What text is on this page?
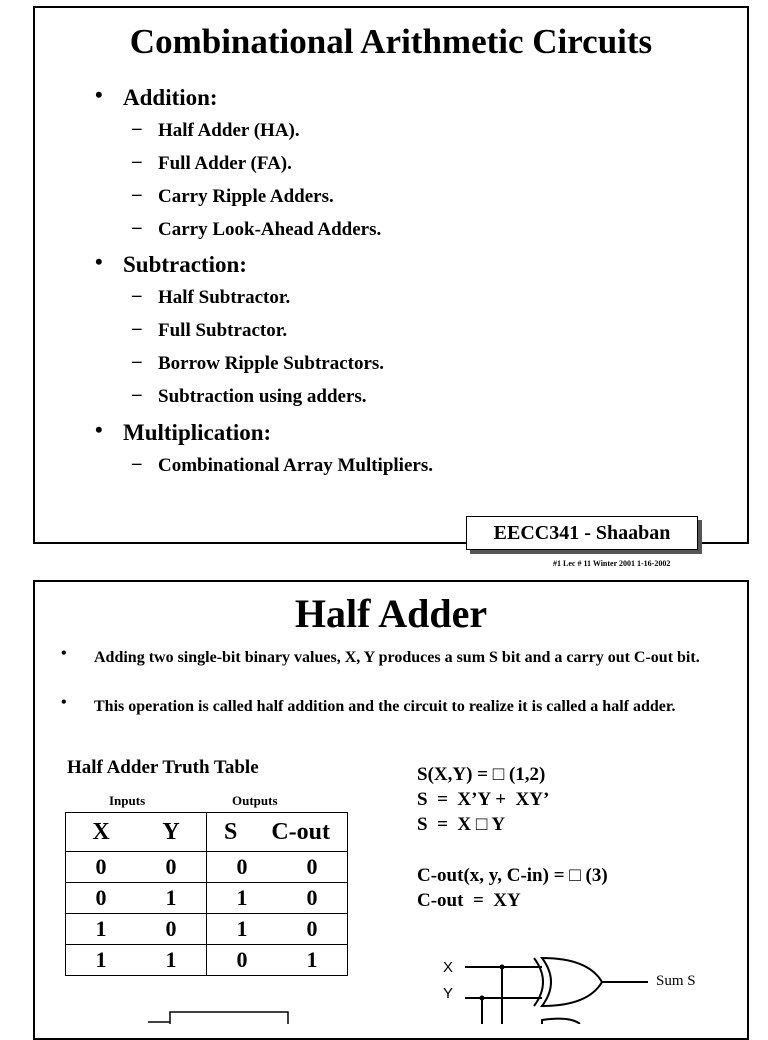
Combinational Arithmetic Circuits
• Addition:
– Half Adder (HA).
– Full Adder (FA).
– Carry Ripple Adders.
– Carry Look-Ahead Adders.
• Subtraction:
– Half Subtractor.
– Full Subtractor.
– Borrow Ripple Subtractors.
– Subtraction using adders.
• Multiplication:
– Combinational Array Multipliers.
EECC341 - Shaaban
#1 Lec # 11 Winter 2001 1-16-2002
Half Adder
• Adding two single-bit binary values, X, Y produces a sum S bit and a carry out C-out bit.
• This operation is called half addition and the circuit to realize it is called a half adder.
Half Adder Truth Table
Inputs	Outputs
X Y	S C-out

0 0	0 0

0 1	1 0

1 0	1 0

1 1	0 1
S(X,Y) = □ (1,2)
S  =  X’Y +  XY’
S  =  X □ Y
C-out(x, y, C-in) = □ (3)
C-out  =  XY
X
Y
Sum S
